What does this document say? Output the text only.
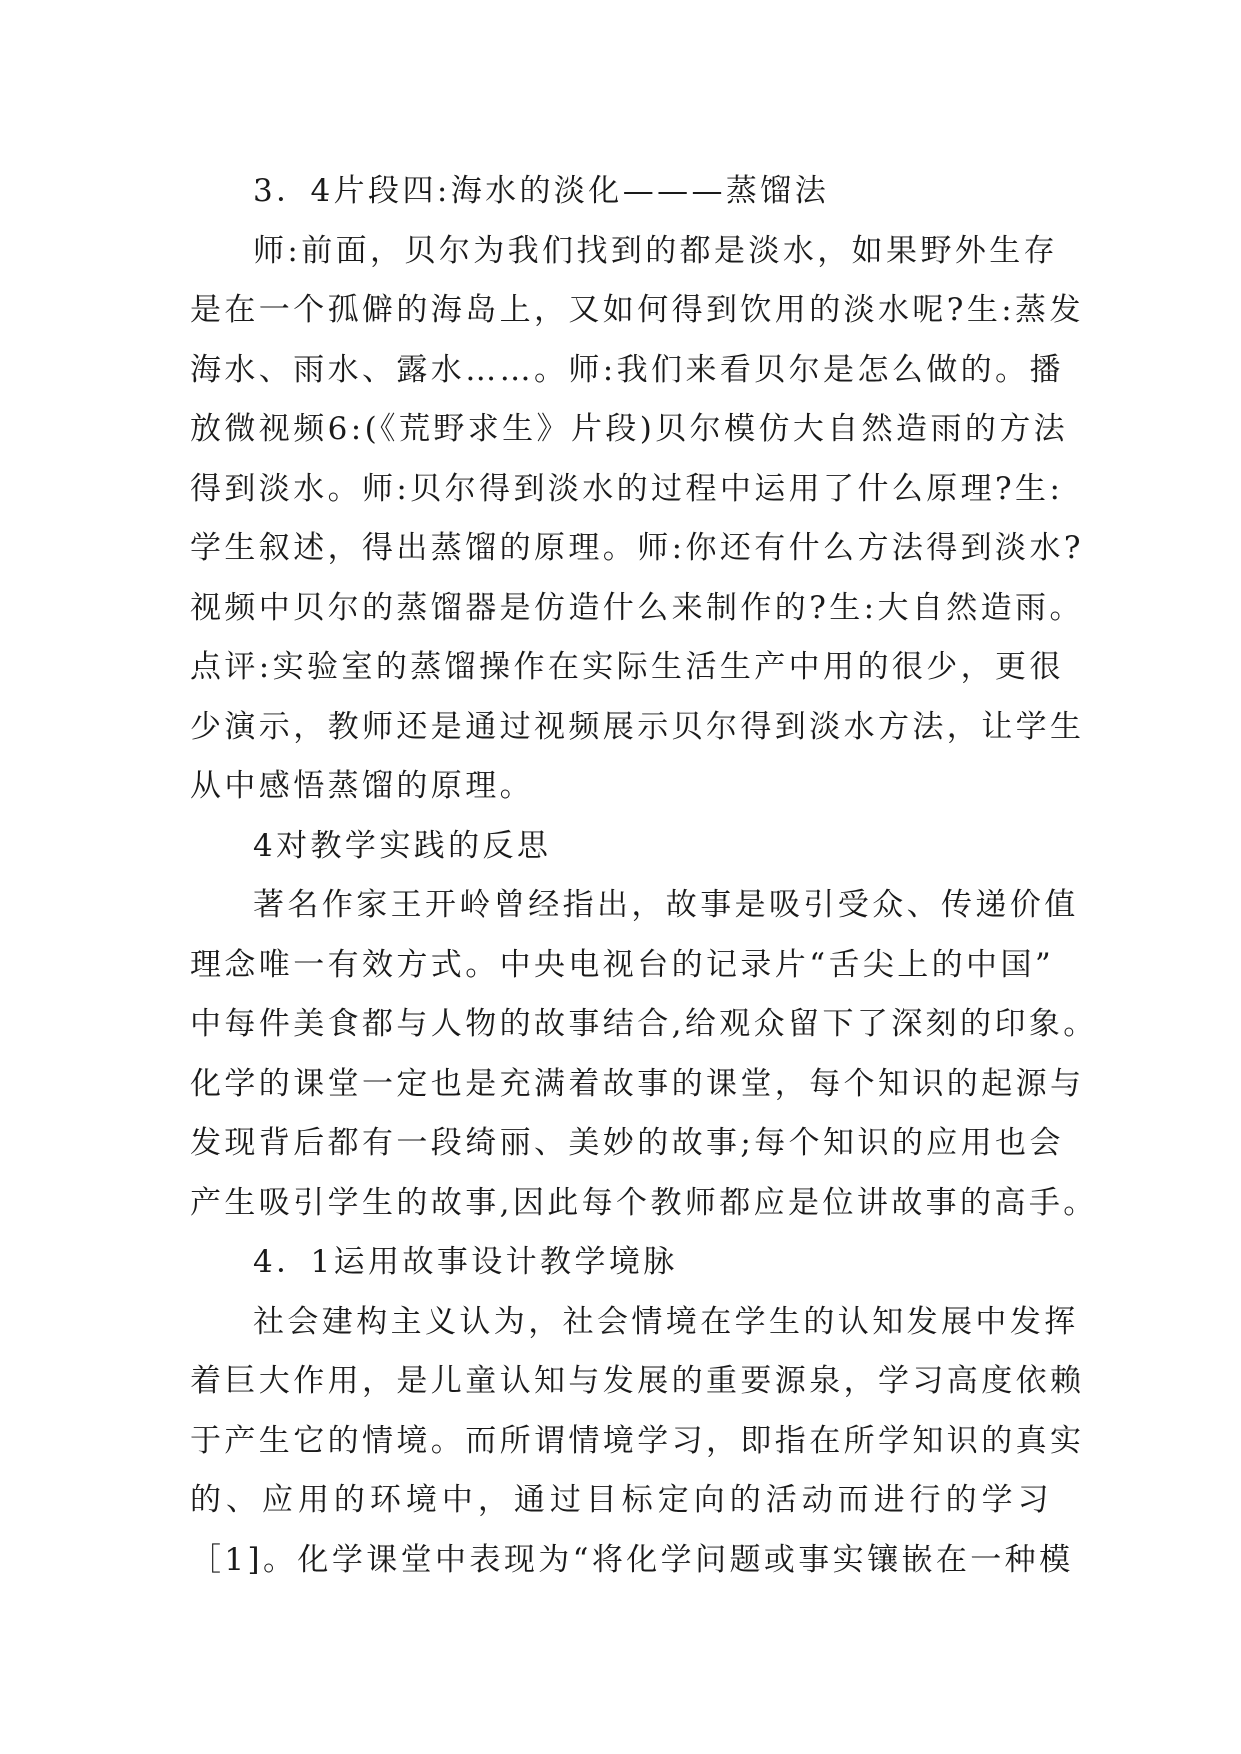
3．4片段四:海水的淡化———蒸馏法
师:前面，贝尔为我们找到的都是淡水，如果野外生存
是在一个孤僻的海岛上，又如何得到饮用的淡水呢?生:蒸发
海水、雨水、露水……。师:我们来看贝尔是怎么做的。播
放微视频6:(《荒野求生》片段)贝尔模仿大自然造雨的方法
得到淡水。师:贝尔得到淡水的过程中运用了什么原理?生:
学生叙述，得出蒸馏的原理。师:你还有什么方法得到淡水?
视频中贝尔的蒸馏器是仿造什么来制作的?生:大自然造雨。
点评:实验室的蒸馏操作在实际生活生产中用的很少，更很
少演示，教师还是通过视频展示贝尔得到淡水方法，让学生
从中感悟蒸馏的原理。
4对教学实践的反思
著名作家王开岭曾经指出，故事是吸引受众、传递价值
理念唯一有效方式。中央电视台的记录片“舌尖上的中国”
中每件美食都与人物的故事结合,给观众留下了深刻的印象。
化学的课堂一定也是充满着故事的课堂，每个知识的起源与
发现背后都有一段绮丽、美妙的故事;每个知识的应用也会
产生吸引学生的故事,因此每个教师都应是位讲故事的高手。
4．1运用故事设计教学境脉
社会建构主义认为，社会情境在学生的认知发展中发挥
着巨大作用，是儿童认知与发展的重要源泉，学习高度依赖
于产生它的情境。而所谓情境学习，即指在所学知识的真实
的、应用的环境中，通过目标定向的活动而进行的学习
［1]。化学课堂中表现为“将化学问题或事实镶嵌在一种模
